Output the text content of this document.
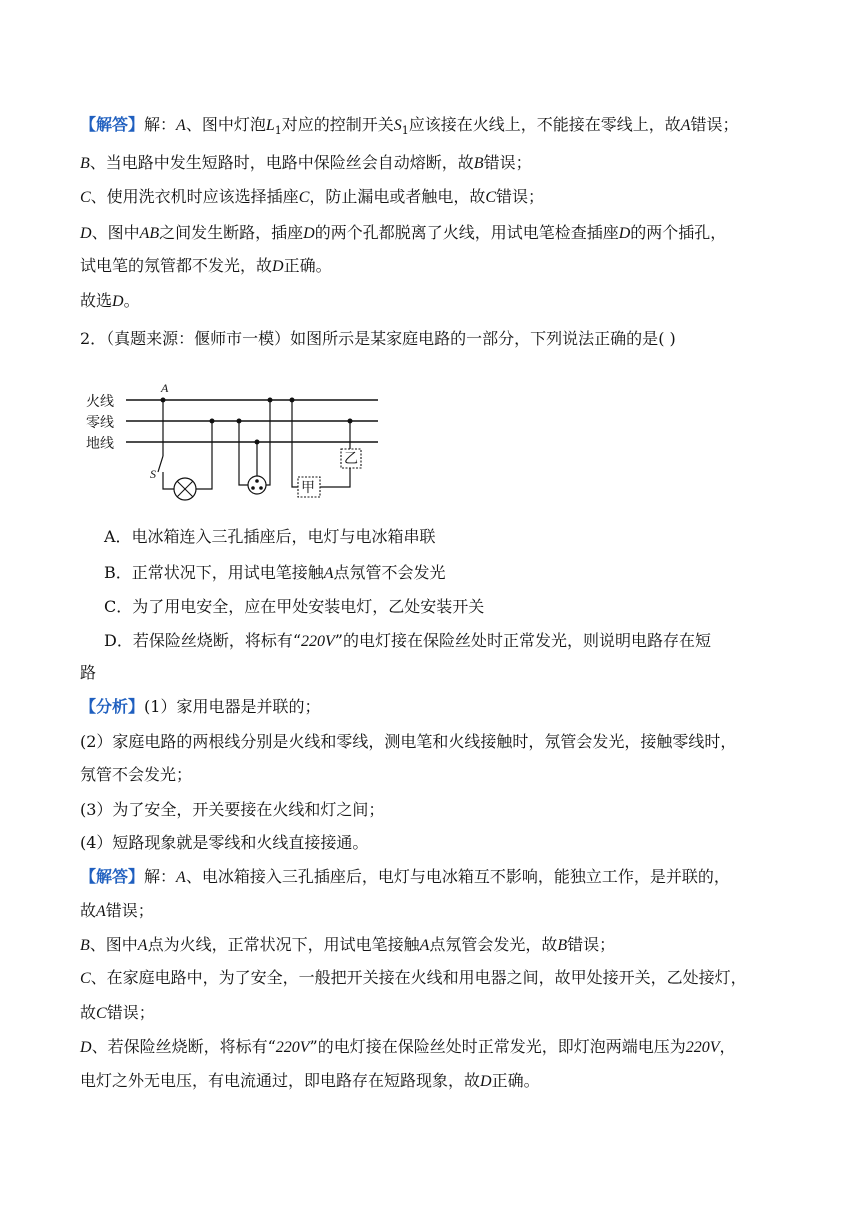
【解答】解：A、图中灯泡$L_1$对应的控制开关$S_1$应该接在火线上，不能接在零线上，故A错误；
B、当电路中发生短路时，电路中保险丝会自动熔断，故B错误；
C、使用洗衣机时应该选择插座C，防止漏电或者触电，故C错误；
D、图中AB之间发生断路，插座D的两个孔都脱离了火线，用试电笔检查插座D的两个插孔，
试电笔的氖管都不发光，故D正确。
故选D。
2．（真题来源：偃师市一模）如图所示是某家庭电路的一部分，下列说法正确的是( )
火线
零线
地线
A
S
甲
乙
A．电冰箱连入三孔插座后，电灯与电冰箱串联
B．正常状况下，用试电笔接触A点氖管不会发光
C．为了用电安全，应在甲处安装电灯，乙处安装开关
D．若保险丝烧断，将标有“220V”的电灯接在保险丝处时正常发光，则说明电路存在短
路
【分析】(1）家用电器是并联的；
(2）家庭电路的两根线分别是火线和零线，测电笔和火线接触时，氖管会发光，接触零线时，
氖管不会发光；
(3）为了安全，开关要接在火线和灯之间；
(4）短路现象就是零线和火线直接接通。
【解答】解：A、电冰箱接入三孔插座后，电灯与电冰箱互不影响，能独立工作，是并联的，
故A错误；
B、图中A点为火线，正常状况下，用试电笔接触A点氖管会发光，故B错误；
C、在家庭电路中，为了安全，一般把开关接在火线和用电器之间，故甲处接开关，乙处接灯，
故C错误；
D、若保险丝烧断，将标有“220V”的电灯接在保险丝处时正常发光，即灯泡两端电压为220V，
电灯之外无电压，有电流通过，即电路存在短路现象，故D正确。
